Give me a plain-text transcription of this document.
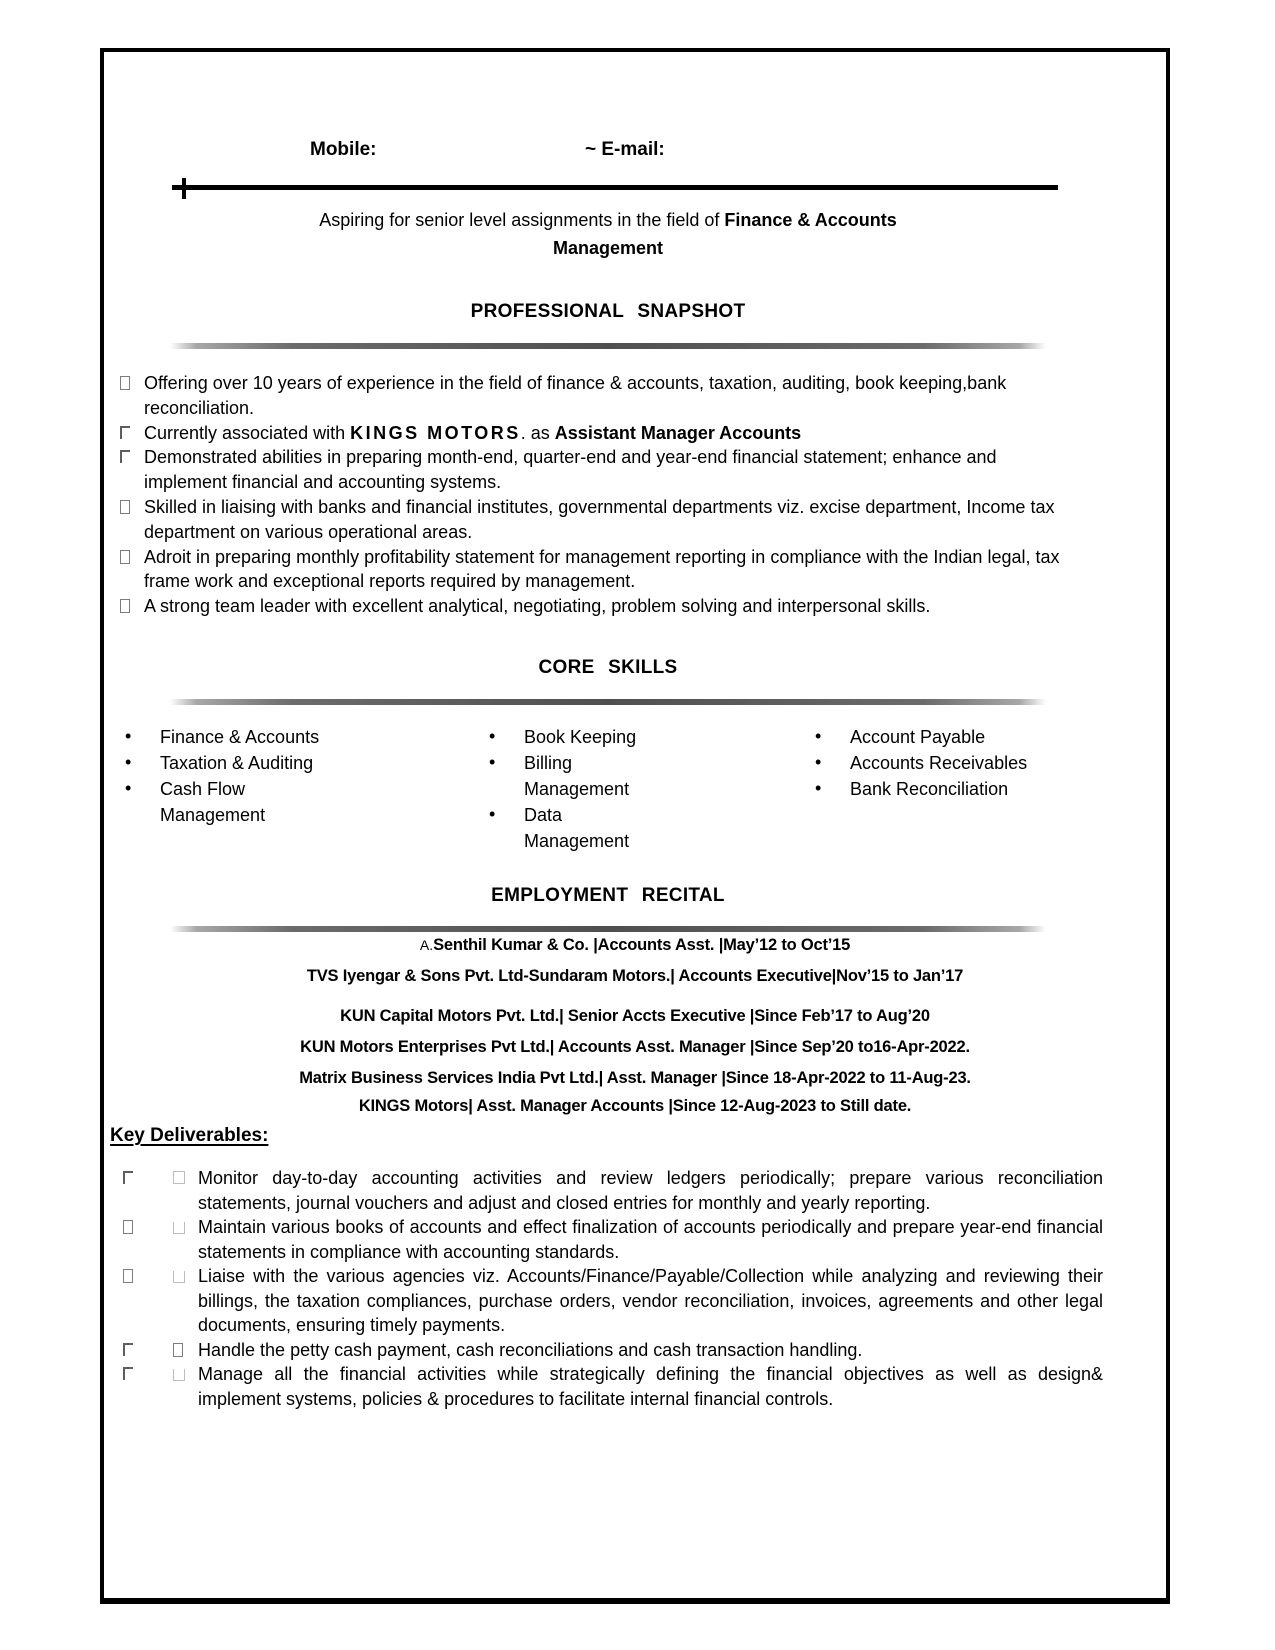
Mobile:	~ E-mail:
Aspiring for senior level assignments in the field of Finance & Accounts
Management
PROFESSIONAL SNAPSHOT
Offering over 10 years of experience in the field of finance & accounts, taxation, auditing, book keeping,bank reconciliation.
Currently associated with KINGS MOTORS. as Assistant Manager Accounts
Demonstrated abilities in preparing month-end, quarter-end and year-end financial statement; enhance and implement financial and accounting systems.
Skilled in liaising with banks and financial institutes, governmental departments viz. excise department, Income tax department on various operational areas.
Adroit in preparing monthly profitability statement for management reporting in compliance with the Indian legal, tax frame work and exceptional reports required by management.
A strong team leader with excellent analytical, negotiating, problem solving and interpersonal skills.
CORE SKILLS
• Finance & Accounts
• Taxation & Auditing
• Cash Flow Management
• Book Keeping
• Billing Management
• Data Management
• Account Payable
• Accounts Receivables
• Bank Reconciliation
EMPLOYMENT RECITAL
A.Senthil Kumar & Co. |Accounts Asst. |May’12 to Oct’15
TVS Iyengar & Sons Pvt. Ltd-Sundaram Motors.| Accounts Executive|Nov’15 to Jan’17
KUN Capital Motors Pvt. Ltd.| Senior Accts Executive |Since Feb’17 to Aug’20
KUN Motors Enterprises Pvt Ltd.| Accounts Asst. Manager |Since Sep’20 to16-Apr-2022.
Matrix Business Services India Pvt Ltd.| Asst. Manager |Since 18-Apr-2022 to 11-Aug-23.
KINGS Motors| Asst. Manager Accounts |Since 12-Aug-2023 to Still date.
Key Deliverables:
Monitor day-to-day accounting activities and review ledgers periodically; prepare various reconciliation statements, journal vouchers and adjust and closed entries for monthly and yearly reporting.
Maintain various books of accounts and effect finalization of accounts periodically and prepare year-end financial statements in compliance with accounting standards.
Liaise with the various agencies viz. Accounts/Finance/Payable/Collection while analyzing and reviewing their billings, the taxation compliances, purchase orders, vendor reconciliation, invoices, agreements and other legal documents, ensuring timely payments.
Handle the petty cash payment, cash reconciliations and cash transaction handling.
Manage all the financial activities while strategically defining the financial objectives as well as design& implement systems, policies & procedures to facilitate internal financial controls.
